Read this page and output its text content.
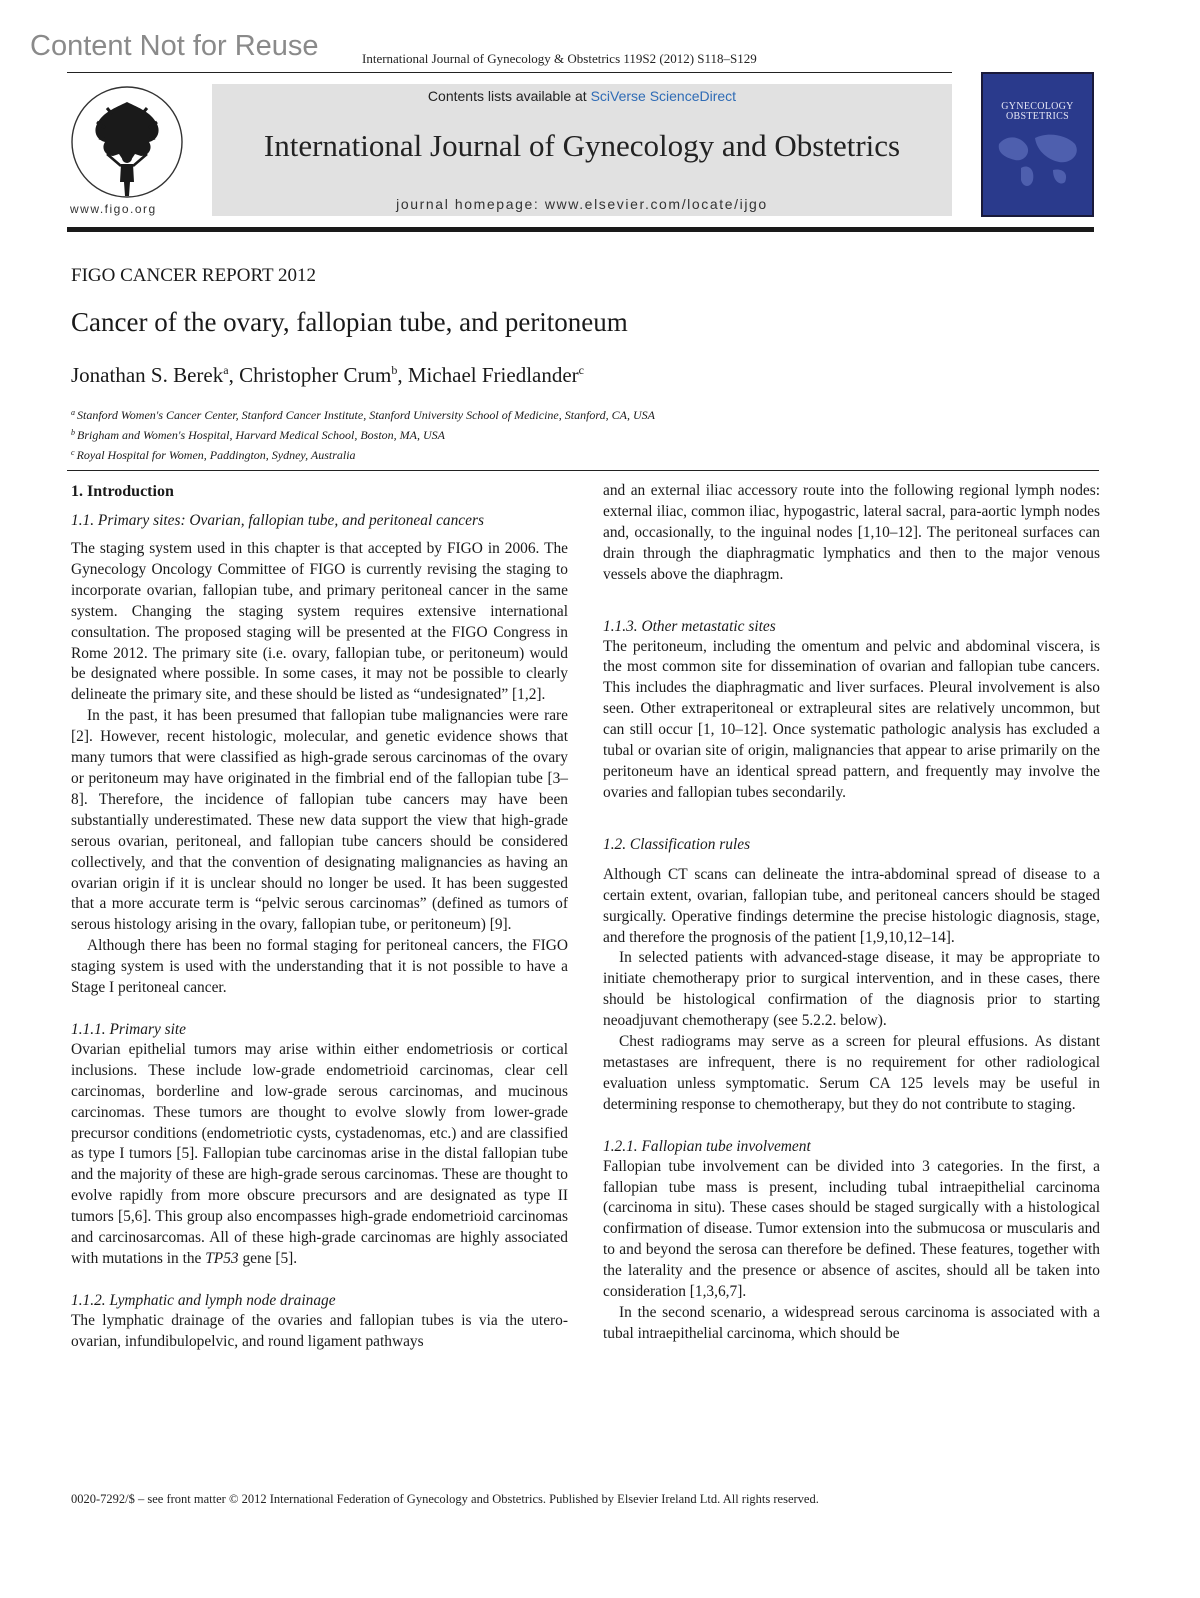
Content Not for Reuse	International Journal of Gynecology & Obstetrics 119S2 (2012) S118–S129
www.figo.org
Contents lists available at SciVerse ScienceDirect
International Journal of Gynecology and Obstetrics
journal homepage: www.elsevier.com/locate/ijgo
GYNECOLOGY
OBSTETRICS
FIGO CANCER REPORT 2012
Cancer of the ovary, fallopian tube, and peritoneum
Jonathan S. Berek$^a$, Christopher Crum$^b$, Michael Friedlander$^c$
$^a$ Stanford Women's Cancer Center, Stanford Cancer Institute, Stanford University School of Medicine, Stanford, CA, USA
$^b$ Brigham and Women's Hospital, Harvard Medical School, Boston, MA, USA
$^c$ Royal Hospital for Women, Paddington, Sydney, Australia
1. Introduction
1.1. Primary sites: Ovarian, fallopian tube, and peritoneal cancers

The staging system used in this chapter is that accepted by FIGO in 2006. The Gynecology Oncology Committee of FIGO is currently revising the staging to incorporate ovarian, fallopian tube, and primary peritoneal cancer in the same system. Changing the staging system requires extensive international consultation. The proposed staging will be presented at the FIGO Congress in Rome 2012. The primary site (i.e. ovary, fallopian tube, or peritoneum) would be designated where possible. In some cases, it may not be possible to clearly delineate the primary site, and these should be listed as “undesignated” [1,2].

In the past, it has been presumed that fallopian tube malignancies were rare [2]. However, recent histologic, molecular, and genetic evidence shows that many tumors that were classified as high-grade serous carcinomas of the ovary or peritoneum may have originated in the fimbrial end of the fallopian tube [3–8]. Therefore, the incidence of fallopian tube cancers may have been substantially underestimated. These new data support the view that high-grade serous ovarian, peritoneal, and fallopian tube cancers should be considered collectively, and that the convention of designating malignancies as having an ovarian origin if it is unclear should no longer be used. It has been suggested that a more accurate term is “pelvic serous carcinomas” (defined as tumors of serous histology arising in the ovary, fallopian tube, or peritoneum) [9].

Although there has been no formal staging for peritoneal cancers, the FIGO staging system is used with the understanding that it is not possible to have a Stage I peritoneal cancer.

1.1.1. Primary site

Ovarian epithelial tumors may arise within either endometriosis or cortical inclusions. These include low-grade endometrioid carcinomas, clear cell carcinomas, borderline and low-grade serous carcinomas, and mucinous carcinomas. These tumors are thought to evolve slowly from lower-grade precursor conditions (endometriotic cysts, cystadenomas, etc.) and are classified as type I tumors [5]. Fallopian tube carcinomas arise in the distal fallopian tube and the majority of these are high-grade serous carcinomas. These are thought to evolve rapidly from more obscure precursors and are designated as type II tumors [5,6]. This group also encompasses high-grade endometrioid carcinomas and carcinosarcomas. All of these high-grade carcinomas are highly associated with mutations in the TP53 gene [5].

1.1.2. Lymphatic and lymph node drainage

The lymphatic drainage of the ovaries and fallopian tubes is via the utero-ovarian, infundibulopelvic, and round ligament pathways

and an external iliac accessory route into the following regional lymph nodes: external iliac, common iliac, hypogastric, lateral sacral, para-aortic lymph nodes and, occasionally, to the inguinal nodes [1,10–12]. The peritoneal surfaces can drain through the diaphragmatic lymphatics and then to the major venous vessels above the diaphragm.

1.1.3. Other metastatic sites

The peritoneum, including the omentum and pelvic and abdominal viscera, is the most common site for dissemination of ovarian and fallopian tube cancers. This includes the diaphragmatic and liver surfaces. Pleural involvement is also seen. Other extraperitoneal or extrapleural sites are relatively uncommon, but can still occur [1, 10–12]. Once systematic pathologic analysis has excluded a tubal or ovarian site of origin, malignancies that appear to arise primarily on the peritoneum have an identical spread pattern, and frequently may involve the ovaries and fallopian tubes secondarily.

1.2. Classification rules

Although CT scans can delineate the intra-abdominal spread of disease to a certain extent, ovarian, fallopian tube, and peritoneal cancers should be staged surgically. Operative findings determine the precise histologic diagnosis, stage, and therefore the prognosis of the patient [1,9,10,12–14].

In selected patients with advanced-stage disease, it may be appropriate to initiate chemotherapy prior to surgical intervention, and in these cases, there should be histological confirmation of the diagnosis prior to starting neoadjuvant chemotherapy (see 5.2.2. below).

Chest radiograms may serve as a screen for pleural effusions. As distant metastases are infrequent, there is no requirement for other radiological evaluation unless symptomatic. Serum CA 125 levels may be useful in determining response to chemotherapy, but they do not contribute to staging.

1.2.1. Fallopian tube involvement

Fallopian tube involvement can be divided into 3 categories. In the first, a fallopian tube mass is present, including tubal intraepithelial carcinoma (carcinoma in situ). These cases should be staged surgically with a histological confirmation of disease. Tumor extension into the submucosa or muscularis and to and beyond the serosa can therefore be defined. These features, together with the laterality and the presence or absence of ascites, should all be taken into consideration [1,3,6,7].

In the second scenario, a widespread serous carcinoma is associated with a tubal intraepithelial carcinoma, which should be

0020-7292/$ – see front matter © 2012 International Federation of Gynecology and Obstetrics. Published by Elsevier Ireland Ltd. All rights reserved.
